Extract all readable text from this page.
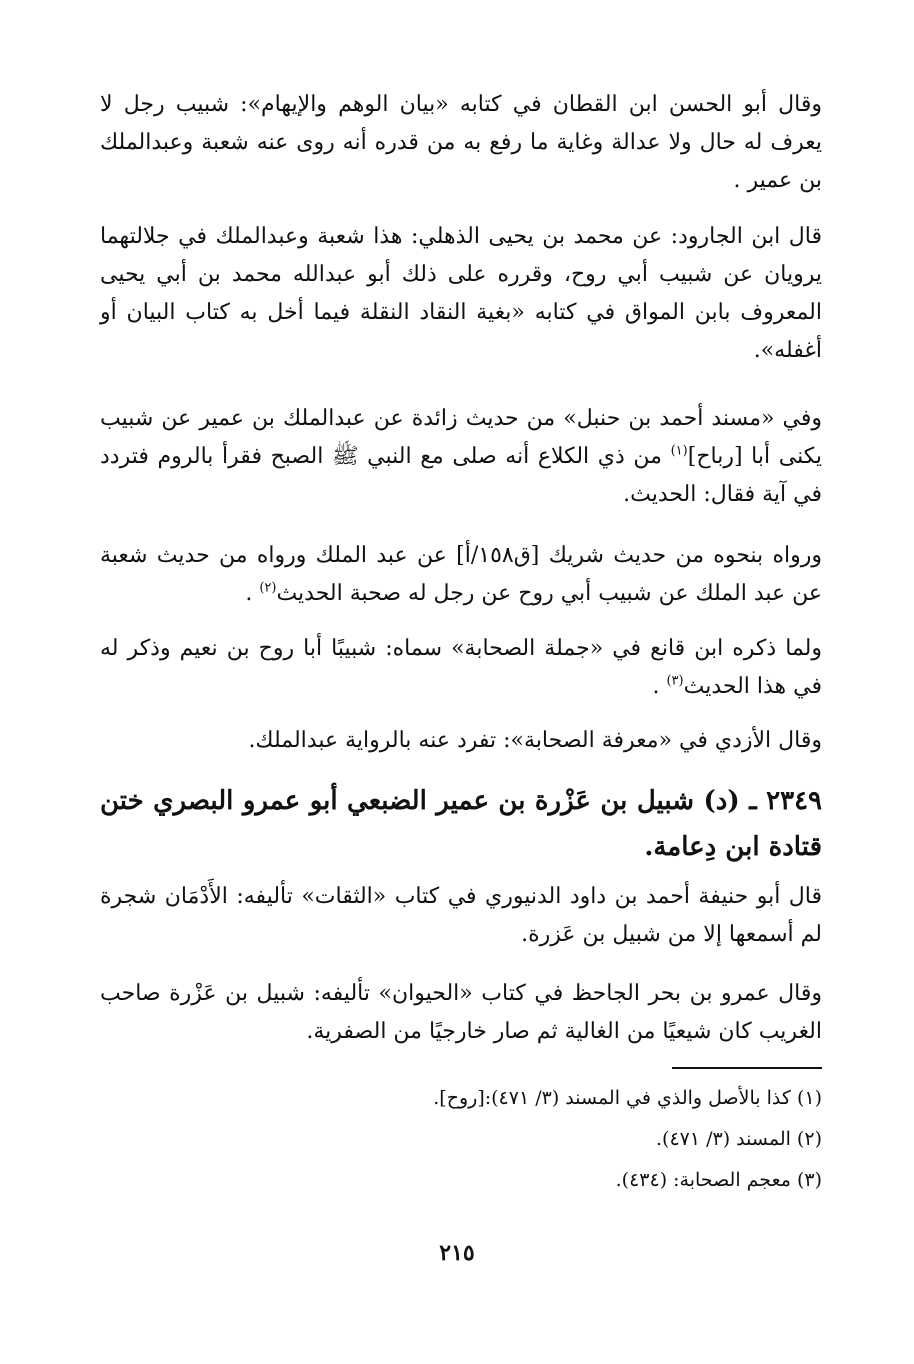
وقال أبو الحسن ابن القطان في كتابه «بيان الوهم والإيهام»: شبيب رجل لا يعرف له حال ولا عدالة وغاية ما رفع به من قدره أنه روى عنه شعبة وعبدالملك بن عمير .

قال ابن الجارود: عن محمد بن يحيى الذهلي: هذا شعبة وعبدالملك في جلالتهما يرويان عن شبيب أبي روح، وقرره على ذلك أبو عبدالله محمد بن أبي يحيى المعروف بابن المواق في كتابه «بغية النقاد النقلة فيما أخل به كتاب البيان أو أغفله».

وفي «مسند أحمد بن حنبل» من حديث زائدة عن عبدالملك بن عمير عن شبيب يكنى أبا [رباح]$^{(١)}$ من ذي الكلاع أنه صلى مع النبي ﷺ الصبح فقرأ بالروم فتردد في آية فقال: الحديث.

ورواه بنحوه من حديث شريك [ق١٥٨/أ] عن عبد الملك ورواه من حديث شعبة عن عبد الملك عن شبيب أبي روح عن رجل له صحبة الحديث$^{(٢)}$ .

ولما ذكره ابن قانع في «جملة الصحابة» سماه: شبيبًا أبا روح بن نعيم وذكر له في هذا الحديث$^{(٣)}$ .

وقال الأزدي في «معرفة الصحابة»: تفرد عنه بالرواية عبدالملك.

٢٣٤٩ ـ (د) شبيل بن عَزْرة بن عمير الضبعي أبو عمرو البصري ختن قتادة ابن دِعامة.

قال أبو حنيفة أحمد بن داود الدنيوري في كتاب «الثقات» تأليفه: الأَدْمَان شجرة لم أسمعها إلا من شبيل بن عَزرة.

وقال عمرو بن بحر الجاحظ في كتاب «الحيوان» تأليفه: شبيل بن عَزْرة صاحب الغريب كان شيعيًا من الغالية ثم صار خارجيًا من الصفرية.

(١) كذا بالأصل والذي في المسند (٣/ ٤٧١):[روح].

(٢) المسند (٣/ ٤٧١).

(٣) معجم الصحابة: (٤٣٤).

٢١٥
